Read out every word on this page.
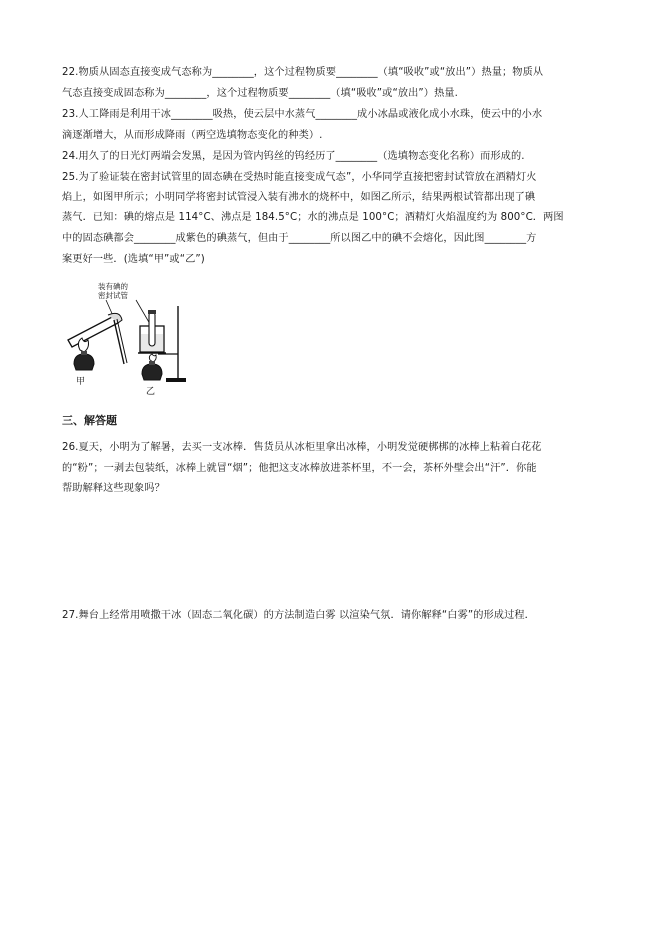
22.物质从固态直接变成气态称为________，这个过程物质要________（填“吸收”或“放出”）热量；物质从
气态直接变成固态称为________，这个过程物质要________（填“吸收”或“放出”）热量.
23.人工降雨是利用干冰________吸热，使云层中水蒸气________成小冰晶或液化成小水珠，使云中的小水
滴逐渐增大，从而形成降雨（两空选填物态变化的种类）.
24.用久了的日光灯两端会发黑，是因为管内钨丝的钨经历了________（选填物态变化名称）而形成的.
25.为了验证装在密封试管里的固态碘在受热时能直接变成气态”，小华同学直接把密封试管放在酒精灯火
焰上，如图甲所示；小明同学将密封试管浸入装有沸水的烧杯中，如图乙所示，结果两根试管都出现了碘
蒸气．已知：碘的熔点是 114°C、沸点是 184.5°C；水的沸点是 100°C；酒精灯火焰温度约为 800°C．两图
中的固态碘都会________成紫色的碘蒸气，但由于________所以图乙中的碘不会熔化，因此图________方
案更好一些．(选填“甲”或“乙”)
装有碘的
密封试管
甲
乙
三、解答题
26.夏天，小明为了解暑，去买一支冰棒．售货员从冰柜里拿出冰棒，小明发觉硬梆梆的冰棒上粘着白花花
的“粉”；一剥去包装纸，冰棒上就冒“烟”；他把这支冰棒放进茶杯里，不一会，茶杯外壁会出“汗”．你能
帮助解释这些现象吗？
27.舞台上经常用喷撒干冰（固态二氧化碳）的方法制造白雾 以渲染气氛．请你解释“白雾”的形成过程．
